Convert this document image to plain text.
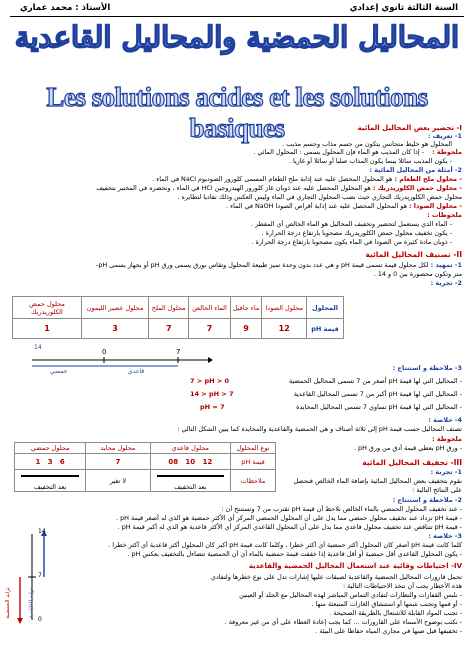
السنة الثالثة ثانوي إعدادي
الأستاذ : محمد عماري
المحاليل الحمضية والمحاليل القاعدية
Les solutions acides et les solutions basiques	I- تحضير بعض المحاليل المائية
1- تعريف :
المحلول هو خليط متجانس يتكون من جسم مذاب وجسم مذيب .
ملحوظة :
- إذا كان المذيب هو الماء فإن المحلول يسمى : المحلول المائي .
- يكون المذيب سائلا بينما يكون المذاب صلبا أو سائلا أو غازيا .
2- أمثلة من المحاليل المائية :
- محلول ملح الطعام : هو المحلول المحصل عليه عند إذابة ملح الطعام المسمى كلورور الصوديوم NaCl في الماء .
- محلول حمض الكلوريدريك : هو المحلول المحصل عليه عند ذوبان غاز كلورور الهيدروجين HCl في الماء ، ونحضره في المختبر بتخفيف
محلول حمض الكلوريدريك التجاري حيث نصب المحلول التجاري في الماء وليس العكس وذلك تفاديا لتطايره .
- محلول الصودا : هو المحلول المحصل عليه عند إذابة أقراص الصودا NaOH في الماء .
ملحوظات :
- الماء الذي يستعمل لتحضير وتخفيف المحاليل هو الماء الخالص أي المقطر .
- يكون تخفيف محلول حمض الكلوريدريك مصحوبا بارتفاع درجة الحرارة .
- ذوبان مادة كثيرة من الصودا في الماء يكون مصحوبا بارتفاع درجة الحرارة .
II- تصنيف المحاليل المائية
1- تمهيد : لكل محلول قيمة تسمى قيمة pH و هي عدد بدون وحدة تميز طبيعة المحلول وتقاس بورق يسمى ورق pH أو بجهاز يسمى pH-
متر وتكون محصورة بين 0 و 14 .
2- تجربة :
المحلول	محلول الصودا	ماء جافيل	الماء الخالص	محلول الملح	محلول عصير الليمون	محلول حمض الكلوريدريك
قيمة pH	12	9	7	7	3	1
0	7
14
قاعدي
حمضي	3- ملاحظة و استنتاج :
- المحاليل التي لها قيمة pH أصغر من 7 تسمى المحاليل الحمضية
7 > pH > 0
- المحاليل التي لها قيمة pH أكبر من 7 تسمى المحاليل القاعدية
14 > pH > 7
- المحاليل التي لها قيمة pH تساوي 7 تسمى المحاليل المحايدة
pH = 7
4- خلاصة :
تصنف المحاليل حسب قيمة pH إلى ثلاثة أصناف و هي الحمضية والقاعدية والمحايدة كما يبين الشكل التالي :
ملحوظة :
- ورق pH يعطي قيمة أدق من ورق pH .
نوع المحلول	محلول قاعدي	محلول محايد	محلول حمضي
قيمة pH	12   10   08	7	6   3   1
ملاحظات	بعد التخفيف	لا تغير	بعد التخفيف
III- تخفيف المحاليل المائية
1- تجربة :
نقوم بتخفيف بعض المحاليل المائية بإضافة الماء الخالص فنحصل
على النتائج التالية :
2- ملاحظة و استنتاج :
- عند تخفيف المحلول الحمضي بالماء الخالص نلاحظ أن قيمة pH تقترب من 7 وتستنتج أن :
- قيمة pH تزداد عند تخفيف محلول حمضي مما يدل على أن المحلول الحمضي المركز أي الأكثر حمضية هو الذي له أصغر قيمة pH .
- قيمة pH تتناقص عند تخفيف محلول قاعدي مما يدل على أن المحلول القاعدي المركز أي الأكثر قاعدية هو الذي له أكبر قيمة pH .
3- خلاصة :
كلما كانت قيمة pH أصغر كان المحلول أكثر حمضية أي أكثر خطرا ، وكلما كانت قيمة pH أكبر كان المحلول أكثر قاعدية أي أكثر خطرا .
- يكون المحلول القاعدي أقل حمضية أو أقل قاعدية إذا خففت قيمة حمضية بالماء أي أن الحمضية تتضاءل بالتخفيف بعكس pH .
14
7
0
تزايد الحمضية	تزايد القاعدية
IV- احتياطات وقائية عند استعمال المحاليل الحمضية والقاعدية
تحمل قارورات المحاليل الحمضية والقاعدية لصيقات عليها إشارات تدل على نوع خطرها ولتفادي
هذه الأخطار يجب أن نتخذ الاحتياطات التالية :
- نلبس القفازات والنظارات لتفادي التماس المباشر لهذه المحاليل مع الجلد أو العينين
- أو فمها وتجنب شمها أو استنشاق الغازات المنبعثة منها .
- تجنب المواد القابلة للاشتعال بالطريقة الصحيحة .
- نكتب بوضوح الأسماء على القارورات ... كما يجب إعادة الغطاء على أي من غير معروفة .
- تخفيفها قبل صبها في مجاري المياه حفاظا على البيئة .
